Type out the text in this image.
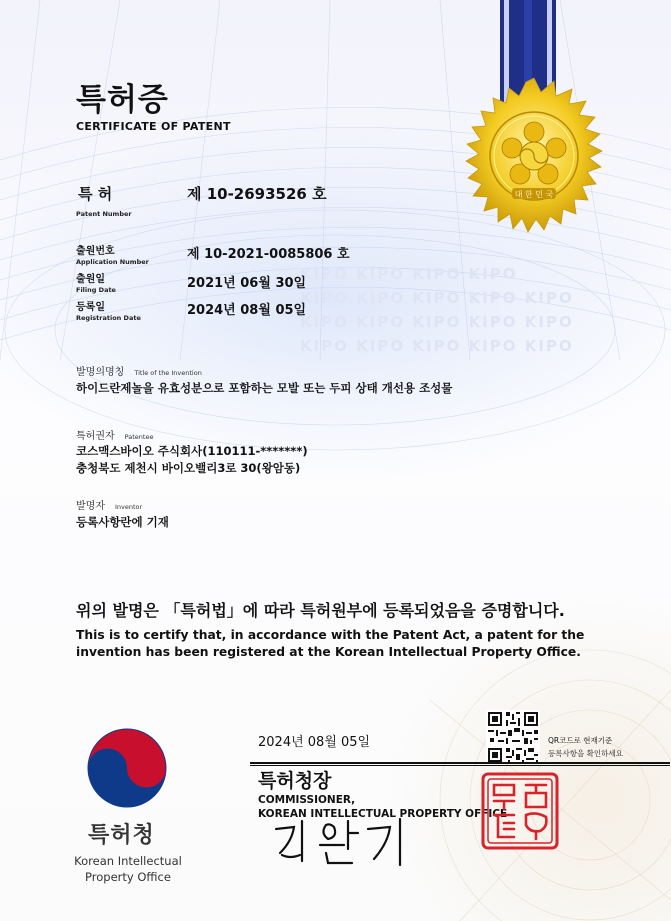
KIPO KIPO KIPO KIPO
KIPO KIPO KIPO KIPO KIPO
KIPO KIPO KIPO KIPO KIPO
KIPO KIPO KIPO KIPO KIPO
대 한 민 국
특허증
CERTIFICATE OF PATENT
특 허
Patent Number
제 10-2693526 호
출원번호
Application Number	제 10-2021-0085806 호
출원일
Filing Date	2021년 06월 30일
등록일
Registration Date	2024년 08월 05일
발명의명칭 Title of the Invention
하이드란제놀을 유효성분으로 포함하는 모발 또는 두피 상태 개선용 조성물
특허권자 Patentee
코스맥스바이오 주식회사(110111-*******)
충청북도 제천시 바이오밸리3로 30(왕암동)
발명자 Inventor
등록사항란에 기재
위의 발명은 「특허법」에 따라 특허원부에 등록되었음을 증명합니다.
This is to certify that, in accordance with the Patent Act, a patent for the invention has been registered at the Korean Intellectual Property Office.
특허청
Korean Intellectual Property Office
2024년 08월 05일	QR코드로 현재기준
등록사항을 확인하세요
특허청장
COMMISSIONER,
KOREAN INTELLECTUAL PROPERTY OFFICE
